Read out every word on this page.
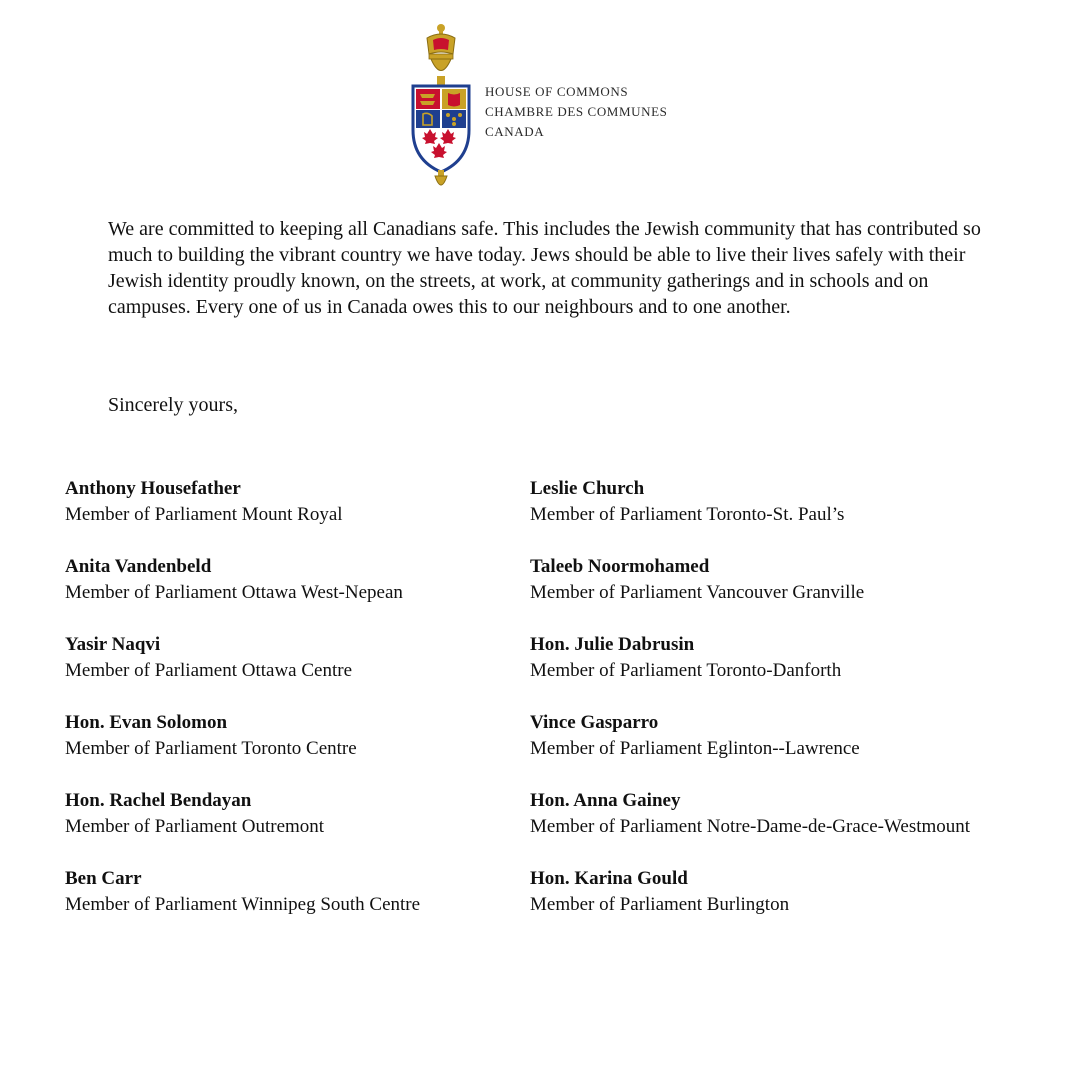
HOUSE OF COMMONS
CHAMBRE DES COMMUNES
CANADA

We are committed to keeping all Canadians safe. This includes the Jewish community that has contributed so much to building the vibrant country we have today. Jews should be able to live their lives safely with their Jewish identity proudly known, on the streets, at work, at community gatherings and in schools and on campuses. Every one of us in Canada owes this to our neighbours and to one another.

Sincerely yours,

Anthony Housefather
Member of Parliament Mount Royal
Anita Vandenbeld
Member of Parliament Ottawa West-Nepean
Yasir Naqvi
Member of Parliament Ottawa Centre
Hon. Evan Solomon
Member of Parliament Toronto Centre
Hon. Rachel Bendayan
Member of Parliament Outremont
Ben Carr
Member of Parliament Winnipeg South Centre
Leslie Church
Member of Parliament Toronto-St. Paul’s
Taleeb Noormohamed
Member of Parliament Vancouver Granville
Hon. Julie Dabrusin
Member of Parliament Toronto-Danforth
Vince Gasparro
Member of Parliament Eglinton--Lawrence
Hon. Anna Gainey
Member of Parliament Notre-Dame-de-Grace-Westmount
Hon. Karina Gould
Member of Parliament Burlington
